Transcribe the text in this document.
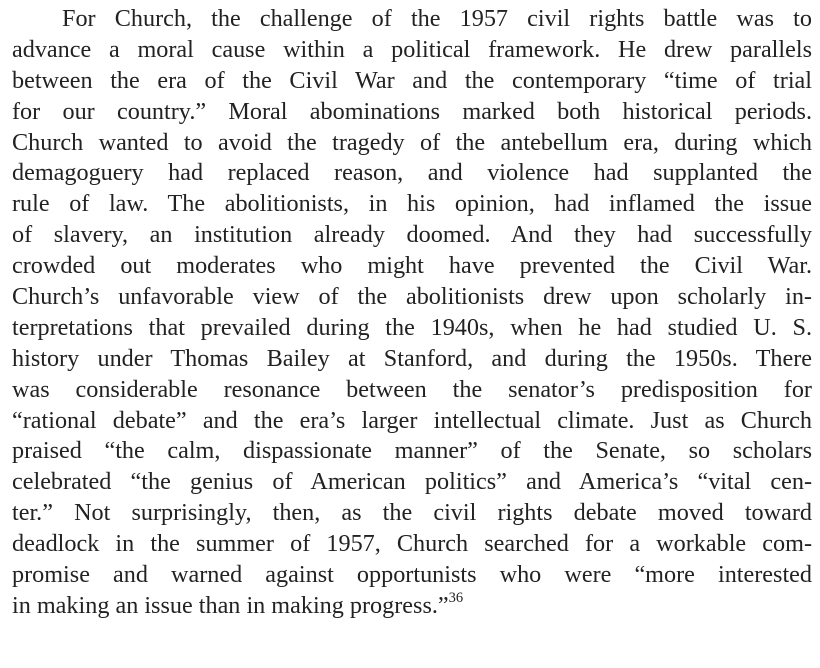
For Church, the challenge of the 1957 civil rights battle was to
advance a moral cause within a political framework. He drew parallels
between the era of the Civil War and the contemporary “time of trial
for our country.” Moral abominations marked both historical periods.
Church wanted to avoid the tragedy of the antebellum era, during which
demagoguery had replaced reason, and violence had supplanted the
rule of law. The abolitionists, in his opinion, had inflamed the issue
of slavery, an institution already doomed. And they had successfully
crowded out moderates who might have prevented the Civil War.
Church’s unfavorable view of the abolitionists drew upon scholarly in-
terpretations that prevailed during the 1940s, when he had studied U. S.
history under Thomas Bailey at Stanford, and during the 1950s. There
was considerable resonance between the senator’s predisposition for
“rational debate” and the era’s larger intellectual climate. Just as Church
praised “the calm, dispassionate manner” of the Senate, so scholars
celebrated “the genius of American politics” and America’s “vital cen-
ter.” Not surprisingly, then, as the civil rights debate moved toward
deadlock in the summer of 1957, Church searched for a workable com-
promise and warned against opportunists who were “more interested
in making an issue than in making progress.”$^{36}$
